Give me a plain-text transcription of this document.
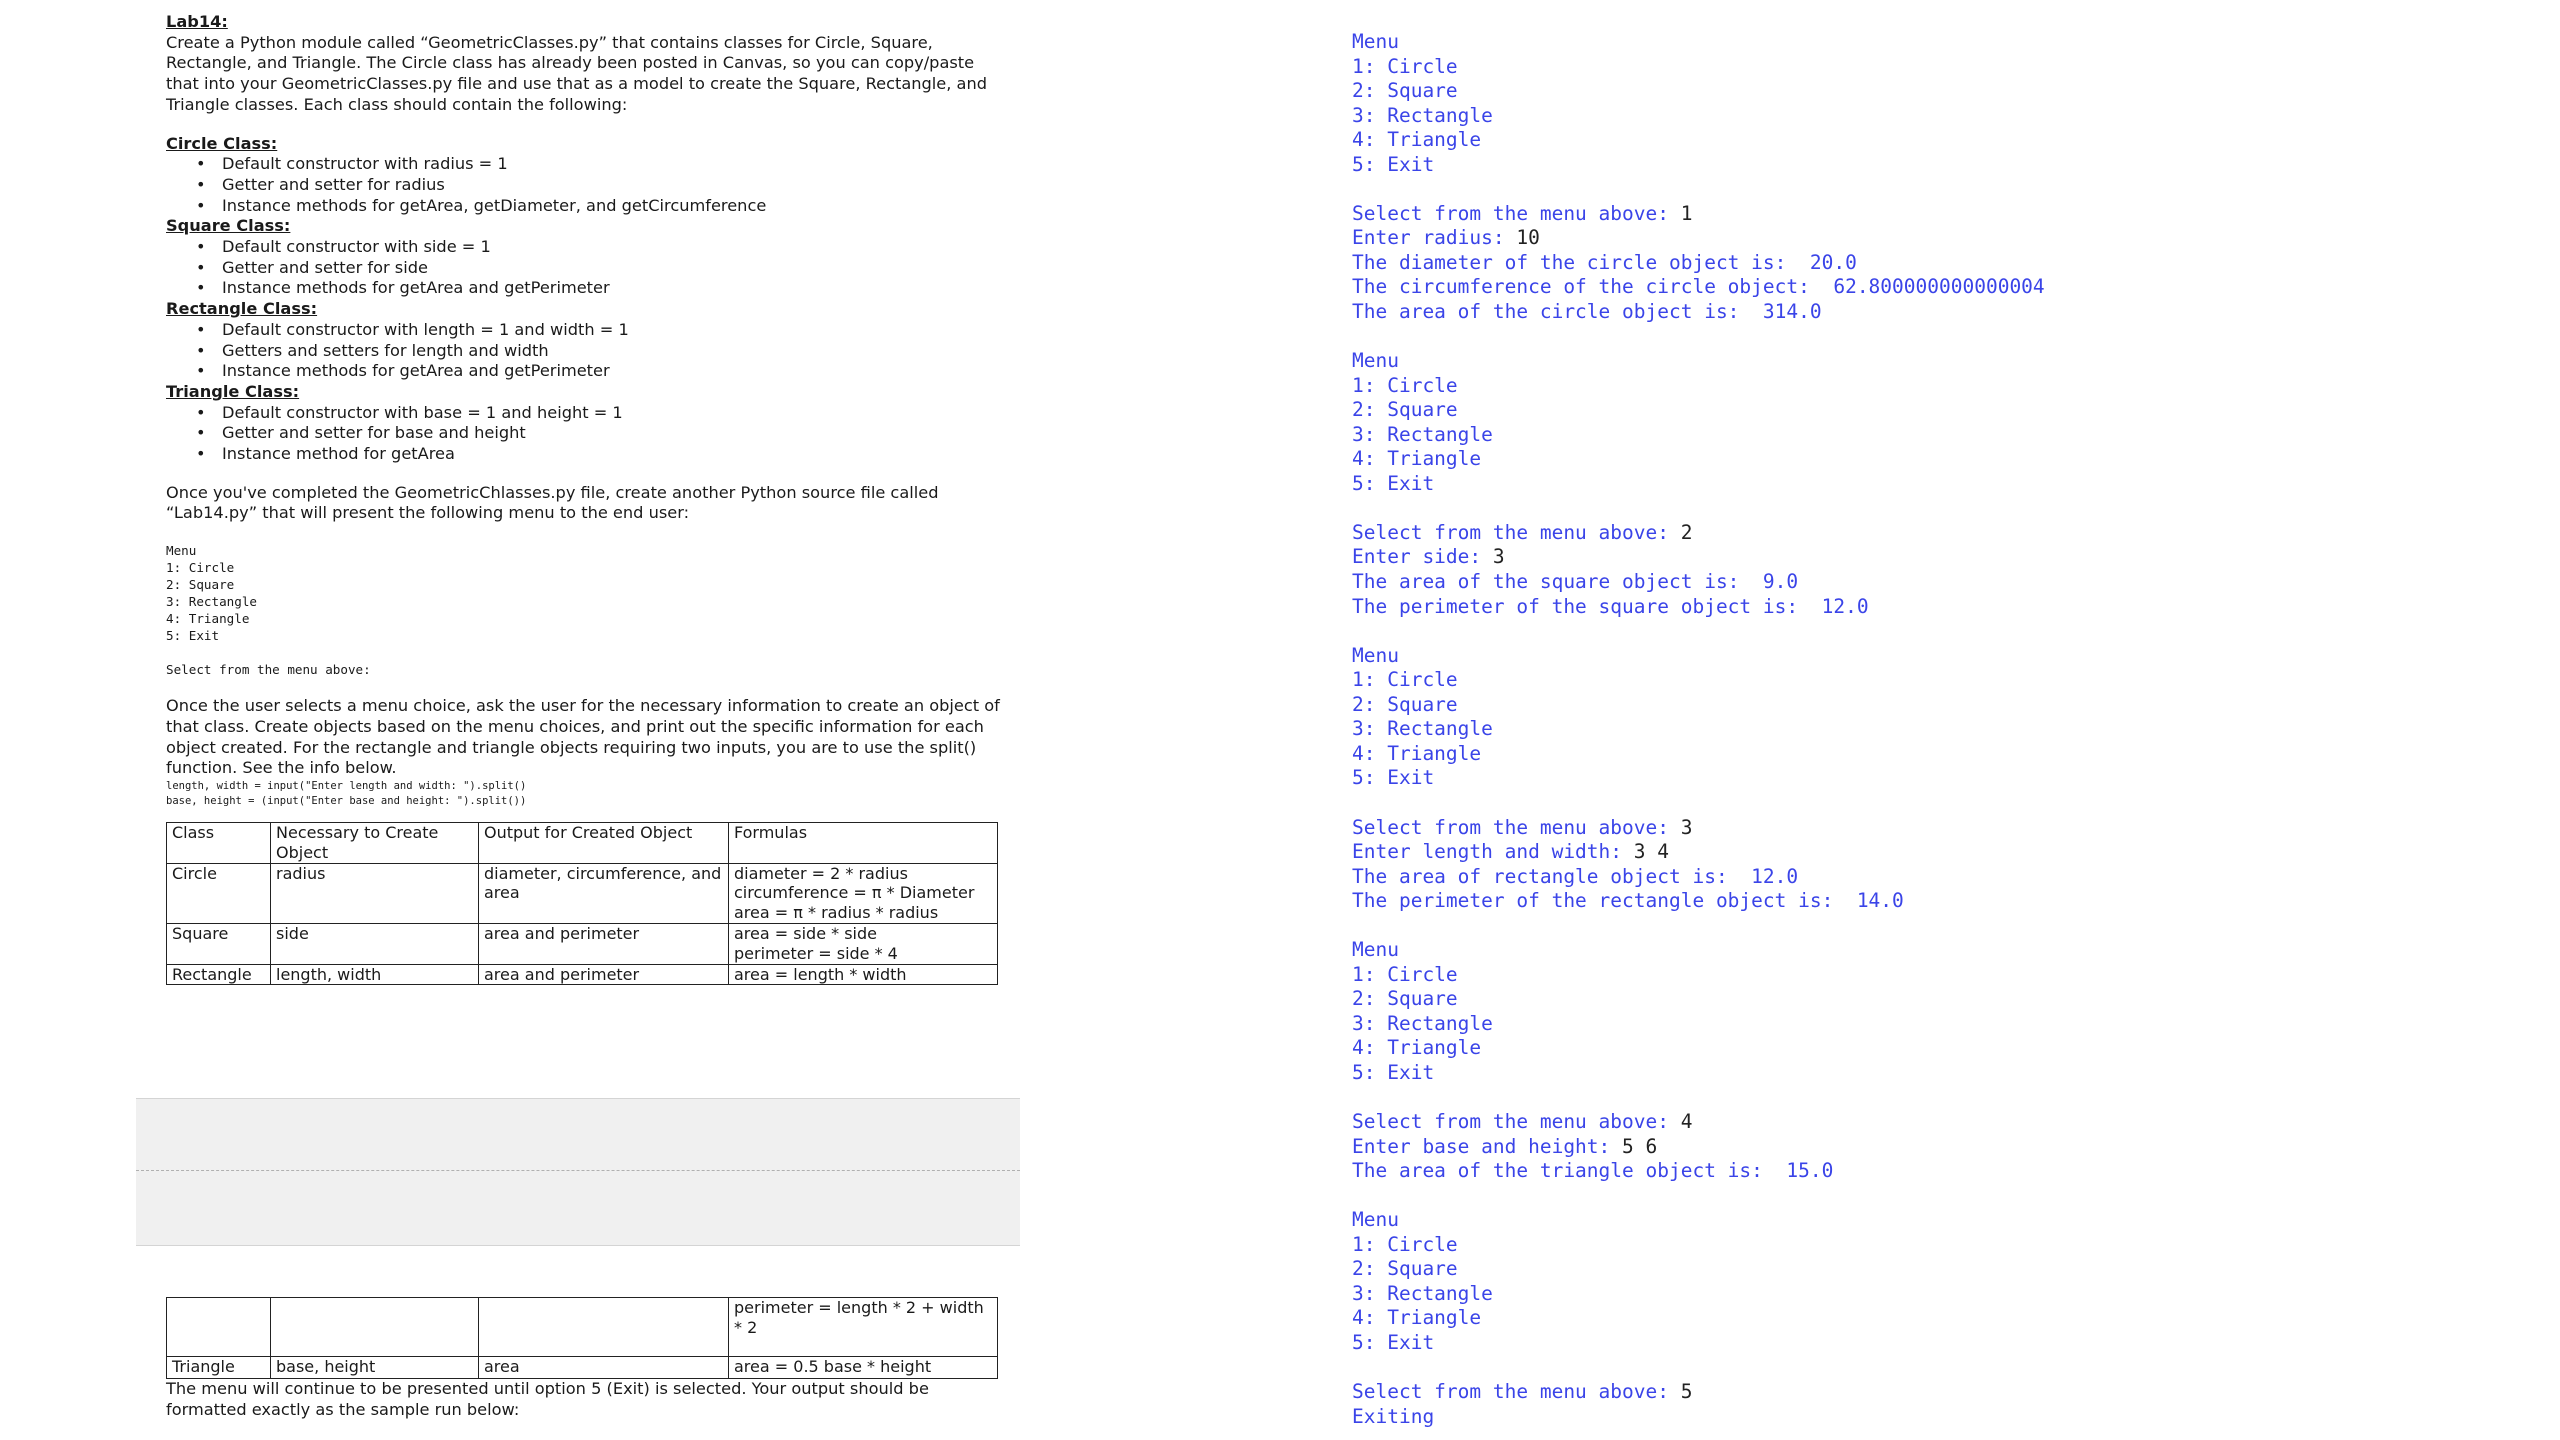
Lab14:
Create a Python module called “GeometricClasses.py” that contains classes for Circle, Square, Rectangle, and Triangle. The Circle class has already been posted in Canvas, so you can copy/paste that into your GeometricClasses.py file and use that as a model to create the Square, Rectangle, and Triangle classes. Each class should contain the following:
Circle Class:
• Default constructor with radius = 1
• Getter and setter for radius
• Instance methods for getArea, getDiameter, and getCircumference
Square Class:
• Default constructor with side = 1
• Getter and setter for side
• Instance methods for getArea and getPerimeter
Rectangle Class:
• Default constructor with length = 1 and width = 1
• Getters and setters for length and width
• Instance methods for getArea and getPerimeter
Triangle Class:
• Default constructor with base = 1 and height = 1
• Getter and setter for base and height
• Instance method for getArea
Once you've completed the GeometricChlasses.py file, create another Python source file called “Lab14.py” that will present the following menu to the end user:
Menu
1: Circle
2: Square
3: Rectangle
4: Triangle
5: Exit
Select from the menu above:
Once the user selects a menu choice, ask the user for the necessary information to create an object of that class. Create objects based on the menu choices, and print out the specific information for each object created. For the rectangle and triangle objects requiring two inputs, you are to use the split() function. See the info below.
length, width = input("Enter length and width: ").split()
base, height = (input("Enter base and height: ").split())
Class	Necessary to Create Object	Output for Created Object	Formulas
Circle	radius	diameter, circumference, and area	diameter = 2 * radius
circumference = π * Diameter
area = π * radius * radius
Square	side	area and perimeter	area = side * side
perimeter = side * 4
Rectangle	length, width	area and perimeter	area = length * width
			perimeter = length * 2 + width * 2
Triangle	base, height	area	area = 0.5 base * height
The menu will continue to be presented until option 5 (Exit) is selected. Your output should be formatted exactly as the sample run below:
Menu
1: Circle
2: Square
3: Rectangle
4: Triangle
5: Exit
Select from the menu above: 1
Enter radius: 10
The diameter of the circle object is:  20.0
The circumference of the circle object:  62.800000000000004
The area of the circle object is:  314.0
Menu
1: Circle
2: Square
3: Rectangle
4: Triangle
5: Exit
Select from the menu above: 2
Enter side: 3
The area of the square object is:  9.0
The perimeter of the square object is:  12.0
Menu
1: Circle
2: Square
3: Rectangle
4: Triangle
5: Exit
Select from the menu above: 3
Enter length and width: 3 4
The area of rectangle object is:  12.0
The perimeter of the rectangle object is:  14.0
Menu
1: Circle
2: Square
3: Rectangle
4: Triangle
5: Exit
Select from the menu above: 4
Enter base and height: 5 6
The area of the triangle object is:  15.0
Menu
1: Circle
2: Square
3: Rectangle
4: Triangle
5: Exit
Select from the menu above: 5
Exiting
